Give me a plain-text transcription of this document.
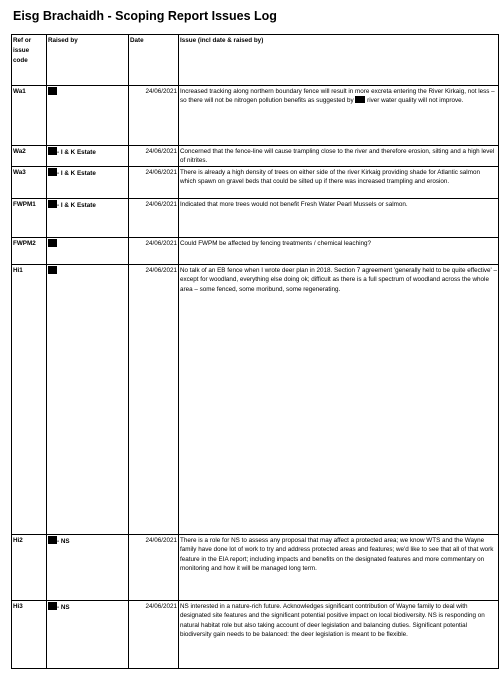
Eisg Brachaidh - Scoping Report Issues Log
Ref or issue code	Raised by	Date	Issue (incl date & raised by)
Wa1		24/06/2021	Increased tracking along northern boundary fence will result in more excreta entering the River Kirkaig, not less – so there will not be nitrogen pollution benefits as suggested by river water quality will not improve.
Wa2	- I & K Estate	24/06/2021	Concerned that the fence-line will cause trampling close to the river and therefore erosion, silting and a high level of nitrites.
Wa3	- I & K Estate	24/06/2021	There is already a high density of trees on either side of the river Kirkaig providing shade for Atlantic salmon which spawn on gravel beds that could be silted up if there was increased trampling and erosion.
FWPM1	- I & K Estate	24/06/2021	Indicated that more trees would not benefit Fresh Water Pearl Mussels or salmon.
FWPM2		24/06/2021	Could FWPM be affected by fencing treatments / chemical leaching?
Hi1		24/06/2021	No talk of an EB fence when I wrote deer plan in 2018. Section 7 agreement 'generally held to be quite effective' – except for woodland, everything else doing ok; difficult as there is a full spectrum of woodland across the whole area – some fenced, some moribund, some regenerating.
Hi2	- NS	24/06/2021	There is a role for NS to assess any proposal that may affect a protected area; we know WTS and the Wayne family have done lot of work to try and address protected areas and features; we'd like to see that all of that work feature in the EIA report; including impacts and benefits on the designated features and more commentary on monitoring and how it will be managed long term.
Hi3	- NS	24/06/2021	NS interested in a nature-rich future. Acknowledges significant contribution of Wayne family to deal with designated site features and the significant potential positive impact on local biodiversity. NS is responding on natural habitat role but also taking account of deer legislation and balancing duties. Significant potential biodiversity gain needs to be balanced: the deer legislation is meant to be flexible.
